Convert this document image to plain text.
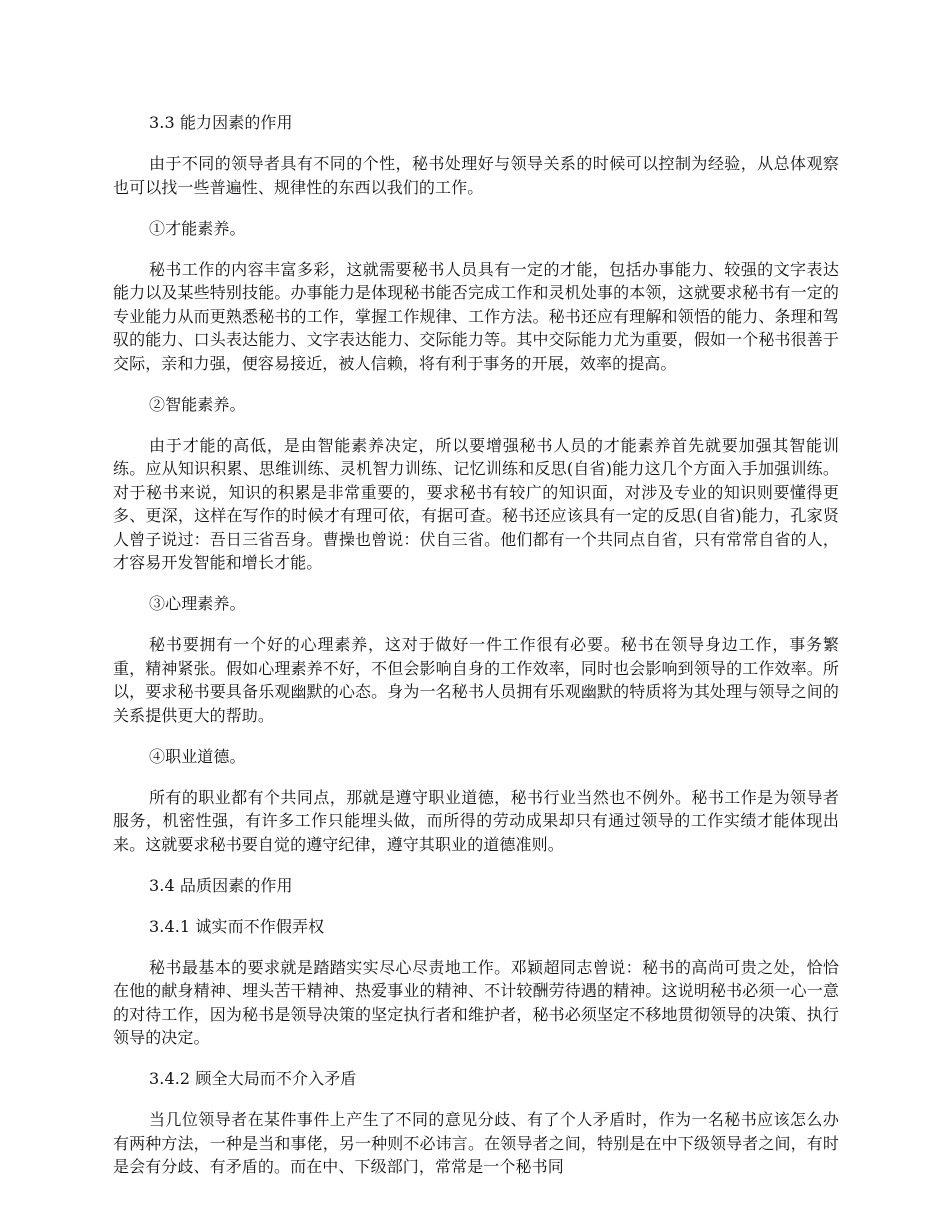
3.3 能力因素的作用

由于不同的领导者具有不同的个性，秘书处理好与领导关系的时候可以控制为经验，从总体观察也可以找一些普遍性、规律性的东西以我们的工作。

①才能素养。

秘书工作的内容丰富多彩，这就需要秘书人员具有一定的才能，包括办事能力、较强的文字表达能力以及某些特别技能。办事能力是体现秘书能否完成工作和灵机处事的本领，这就要求秘书有一定的专业能力从而更熟悉秘书的工作，掌握工作规律、工作方法。秘书还应有理解和领悟的能力、条理和驾驭的能力、口头表达能力、文字表达能力、交际能力等。其中交际能力尤为重要，假如一个秘书很善于交际，亲和力强，便容易接近，被人信赖，将有利于事务的开展，效率的提高。

②智能素养。

由于才能的高低，是由智能素养决定，所以要增强秘书人员的才能素养首先就要加强其智能训练。应从知识积累、思维训练、灵机智力训练、记忆训练和反思(自省)能力这几个方面入手加强训练。对于秘书来说，知识的积累是非常重要的，要求秘书有较广的知识面，对涉及专业的知识则要懂得更多、更深，这样在写作的时候才有理可依，有据可查。秘书还应该具有一定的反思(自省)能力，孔家贤人曾子说过：吾日三省吾身。曹操也曾说：伏自三省。他们都有一个共同点自省，只有常常自省的人，才容易开发智能和增长才能。

③心理素养。

秘书要拥有一个好的心理素养，这对于做好一件工作很有必要。秘书在领导身边工作，事务繁重，精神紧张。假如心理素养不好，不但会影响自身的工作效率，同时也会影响到领导的工作效率。所以，要求秘书要具备乐观幽默的心态。身为一名秘书人员拥有乐观幽默的特质将为其处理与领导之间的关系提供更大的帮助。

④职业道德。

所有的职业都有个共同点，那就是遵守职业道德，秘书行业当然也不例外。秘书工作是为领导者服务，机密性强，有许多工作只能埋头做，而所得的劳动成果却只有通过领导的工作实绩才能体现出来。这就要求秘书要自觉的遵守纪律，遵守其职业的道德准则。

3.4 品质因素的作用

3.4.1 诚实而不作假弄权

秘书最基本的要求就是踏踏实实尽心尽责地工作。邓颖超同志曾说：秘书的高尚可贵之处，恰恰在他的献身精神、埋头苦干精神、热爱事业的精神、不计较酬劳待遇的精神。这说明秘书必须一心一意的对待工作，因为秘书是领导决策的坚定执行者和维护者，秘书必须坚定不移地贯彻领导的决策、执行领导的决定。

3.4.2 顾全大局而不介入矛盾

当几位领导者在某件事件上产生了不同的意见分歧、有了个人矛盾时，作为一名秘书应该怎么办有两种方法，一种是当和事佬，另一种则不必讳言。在领导者之间，特别是在中下级领导者之间，有时是会有分歧、有矛盾的。而在中、下级部门，常常是一个秘书同
